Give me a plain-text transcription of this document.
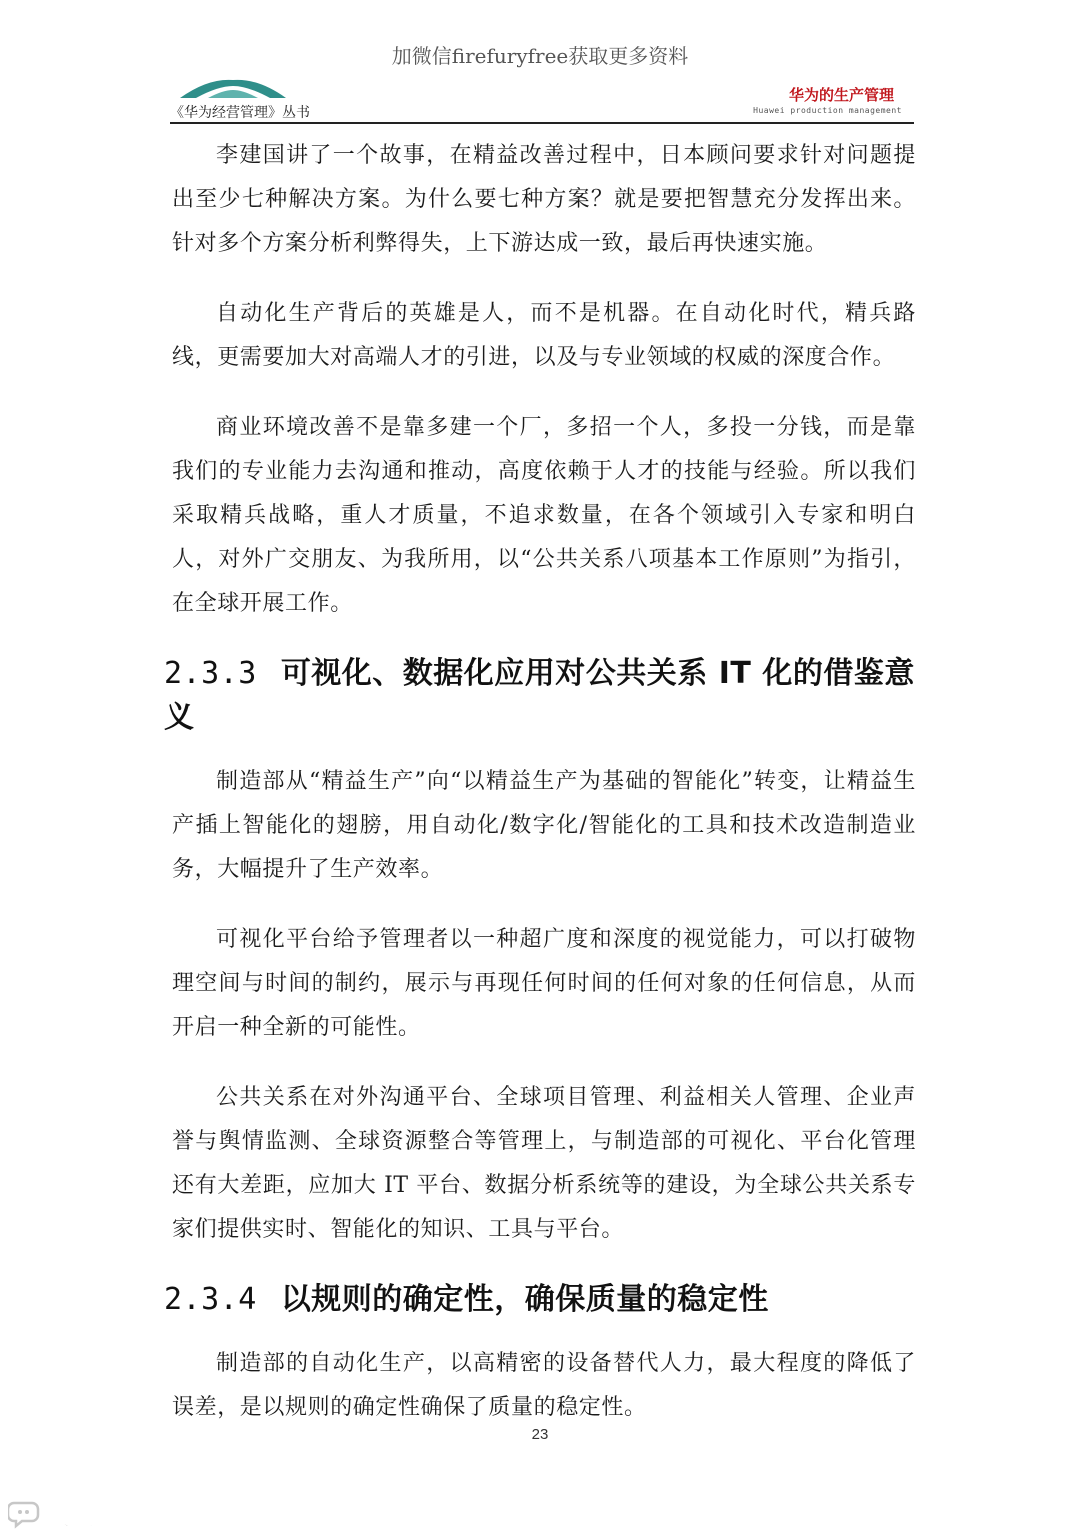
加微信firefuryfree获取更多资料
《华为经营管理》丛书
华为的生产管理
Huawei production management

李建国讲了一个故事，在精益改善过程中，日本顾问要求针对问题提出至少七种解决方案。为什么要七种方案？就是要把智慧充分发挥出来。针对多个方案分析利弊得失，上下游达成一致，最后再快速实施。

自动化生产背后的英雄是人，而不是机器。在自动化时代，精兵路线，更需要加大对高端人才的引进，以及与专业领域的权威的深度合作。

商业环境改善不是靠多建一个厂，多招一个人，多投一分钱，而是靠我们的专业能力去沟通和推动，高度依赖于人才的技能与经验。所以我们采取精兵战略，重人才质量，不追求数量，在各个领域引入专家和明白人，对外广交朋友、为我所用，以“公共关系八项基本工作原则”为指引，在全球开展工作。

2.3.3 可视化、数据化应用对公共关系 IT 化的借鉴意义

制造部从“精益生产”向“以精益生产为基础的智能化”转变，让精益生产插上智能化的翅膀，用自动化/数字化/智能化的工具和技术改造制造业务，大幅提升了生产效率。

可视化平台给予管理者以一种超广度和深度的视觉能力，可以打破物理空间与时间的制约，展示与再现任何时间的任何对象的任何信息，从而开启一种全新的可能性。

公共关系在对外沟通平台、全球项目管理、利益相关人管理、企业声誉与舆情监测、全球资源整合等管理上，与制造部的可视化、平台化管理还有大差距，应加大 IT 平台、数据分析系统等的建设，为全球公共关系专家们提供实时、智能化的知识、工具与平台。

2.3.4 以规则的确定性，确保质量的稳定性

制造部的自动化生产，以高精密的设备替代人力，最大程度的降低了误差，是以规则的确定性确保了质量的稳定性。

23
大数跨境
